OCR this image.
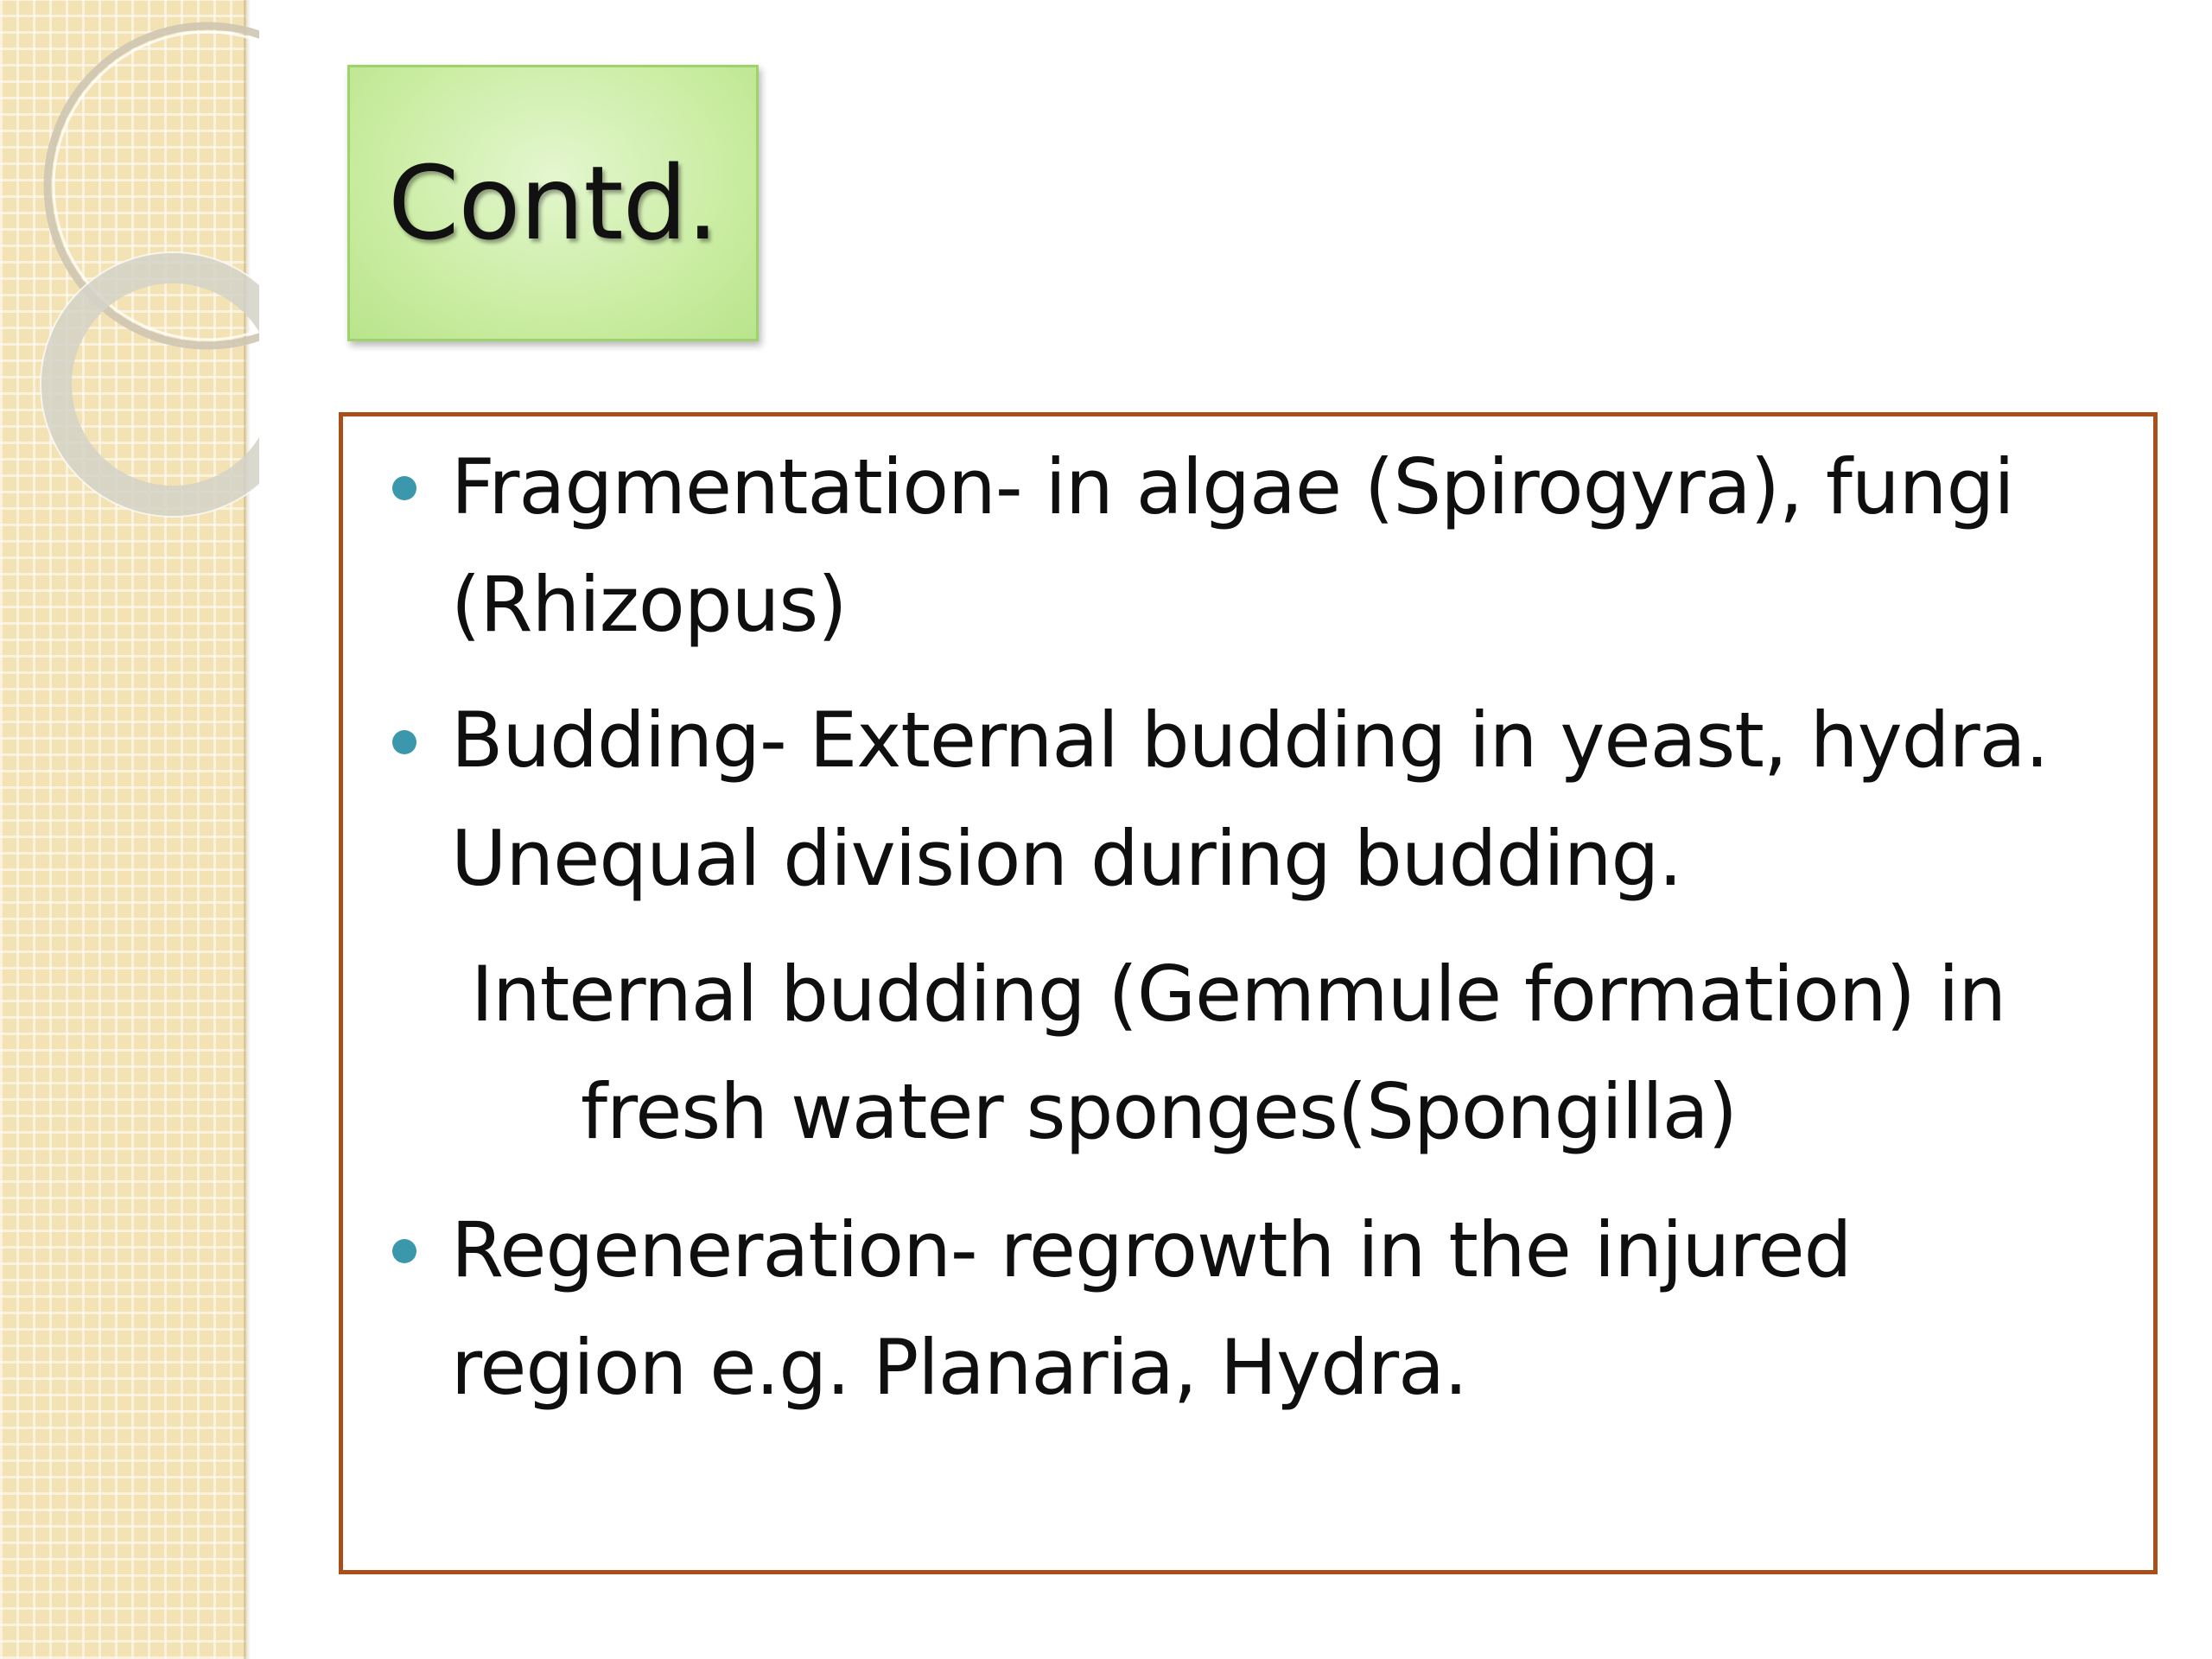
Contd.
Fragmentation- in algae (Spirogyra), fungi
(Rhizopus)
Budding- External budding in yeast, hydra.
Unequal division during budding.
Internal budding (Gemmule formation) in
fresh water sponges(Spongilla)
Regeneration- regrowth in the injured
region e.g. Planaria, Hydra.
